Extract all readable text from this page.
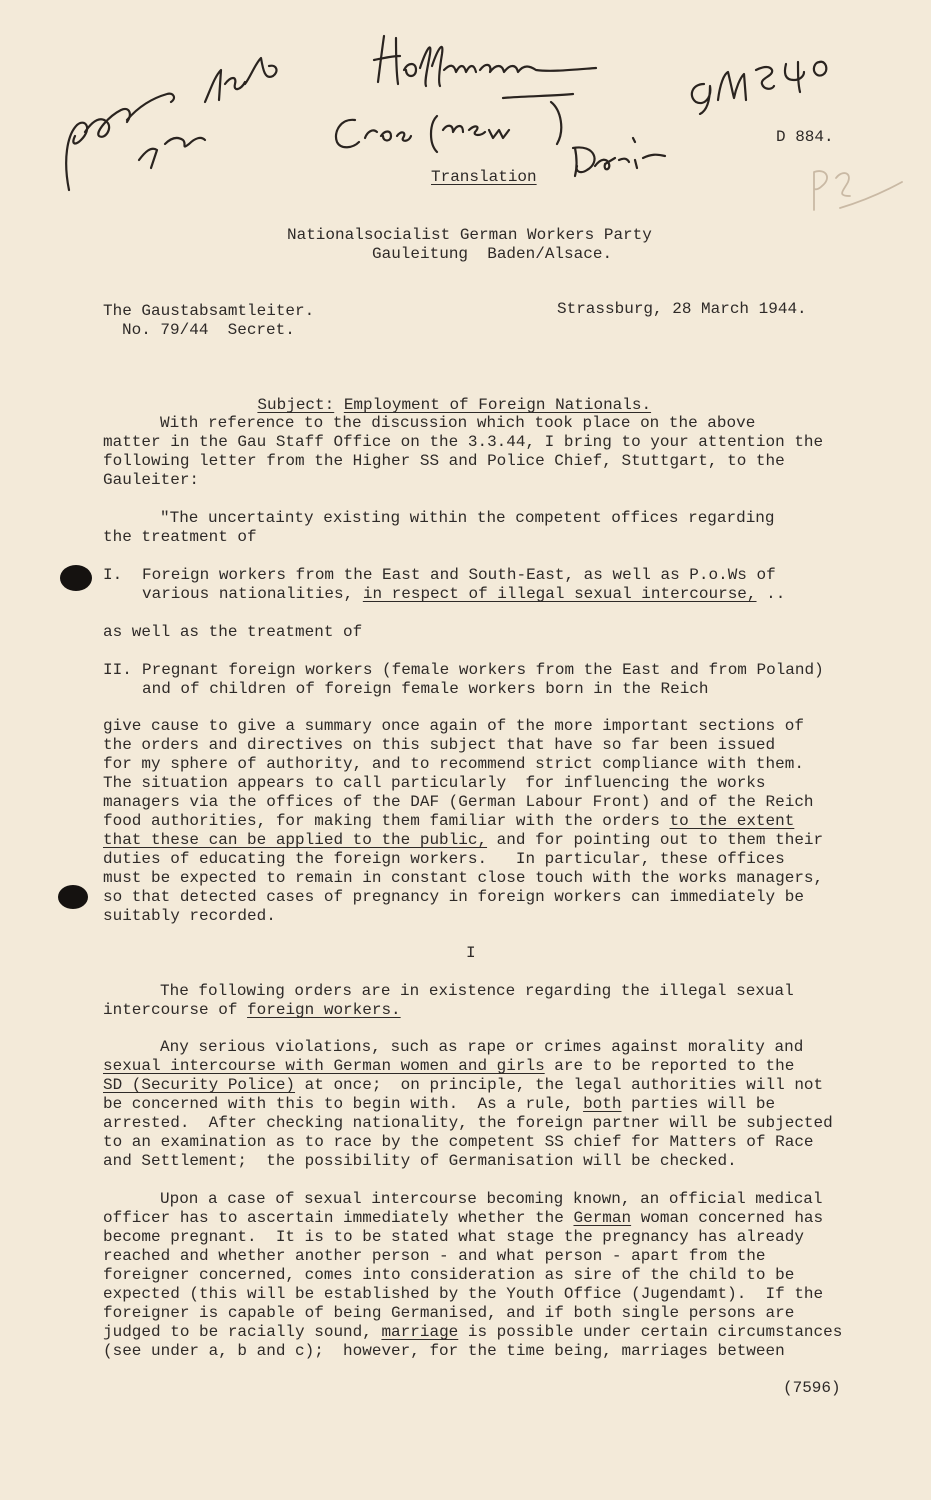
D 884.
Translation
Nationalsocialist German Workers Party
Gauleitung  Baden/Alsace.
The Gaustabsamtleiter.
No. 79/44  Secret.
Strassburg, 28 March 1944.

Subject: Employment of Foreign Nationals.

With reference to the discussion which took place on the above
matter in the Gau Staff Office on the 3.3.44, I bring to your attention the
following letter from the Higher SS and Police Chief, Stuttgart, to the
Gauleiter:
"The uncertainty existing within the competent offices regarding
the treatment of
I. Foreign workers from the East and South-East, as well as P.o.Ws of
various nationalities, in respect of illegal sexual intercourse, ..
as well as the treatment of
II. Pregnant foreign workers (female workers from the East and from Poland)
and of children of foreign female workers born in the Reich
give cause to give a summary once again of the more important sections of
the orders and directives on this subject that have so far been issued
for my sphere of authority, and to recommend strict compliance with them.
The situation appears to call particularly  for influencing the works
managers via the offices of the DAF (German Labour Front) and of the Reich
food authorities, for making them familiar with the orders to the extent
that these can be applied to the public, and for pointing out to them their
duties of educating the foreign workers.   In particular, these offices
must be expected to remain in constant close touch with the works managers,
so that detected cases of pregnancy in foreign workers can immediately be
suitably recorded.
I
The following orders are in existence regarding the illegal sexual
intercourse of foreign workers.
Any serious violations, such as rape or crimes against morality and
sexual intercourse with German women and girls are to be reported to the
SD (Security Police) at once;  on principle, the legal authorities will not
be concerned with this to begin with.  As a rule, both parties will be
arrested.  After checking nationality, the foreign partner will be subjected
to an examination as to race by the competent SS chief for Matters of Race
and Settlement;  the possibility of Germanisation will be checked.
Upon a case of sexual intercourse becoming known, an official medical
officer has to ascertain immediately whether the German woman concerned has
become pregnant.  It is to be stated what stage the pregnancy has already
reached and whether another person - and what person - apart from the
foreigner concerned, comes into consideration as sire of the child to be
expected (this will be established by the Youth Office (Jugendamt).  If the
foreigner is capable of being Germanised, and if both single persons are
judged to be racially sound, marriage is possible under certain circumstances
(see under a, b and c);  however, for the time being, marriages between
(7596)
